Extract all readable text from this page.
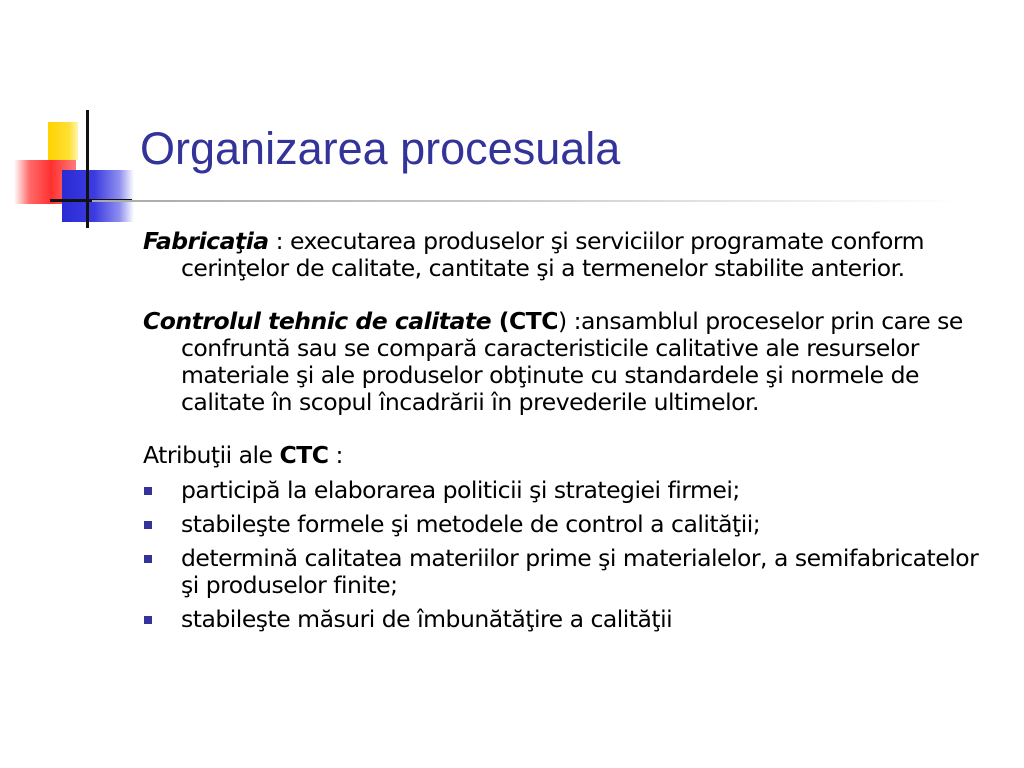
Organizarea procesuala

Fabricaţia : executarea produselor şi serviciilor programate conform cerinţelor de calitate, cantitate şi a termenelor stabilite anterior.

Controlul tehnic de calitate (CTC) :ansamblul proceselor prin care se confruntă sau se compară caracteristicile calitative ale resurselor materiale şi ale produselor obţinute cu standardele şi normele de calitate în scopul încadrării în prevederile ultimelor.

Atribuţii ale CTC :

participă la elaborarea politicii şi strategiei firmei;
stabileşte formele şi metodele de control a calităţii;
determină calitatea materiilor prime şi materialelor, a semifabricatelor şi produselor finite;
stabileşte măsuri de îmbunătăţire a calităţii
